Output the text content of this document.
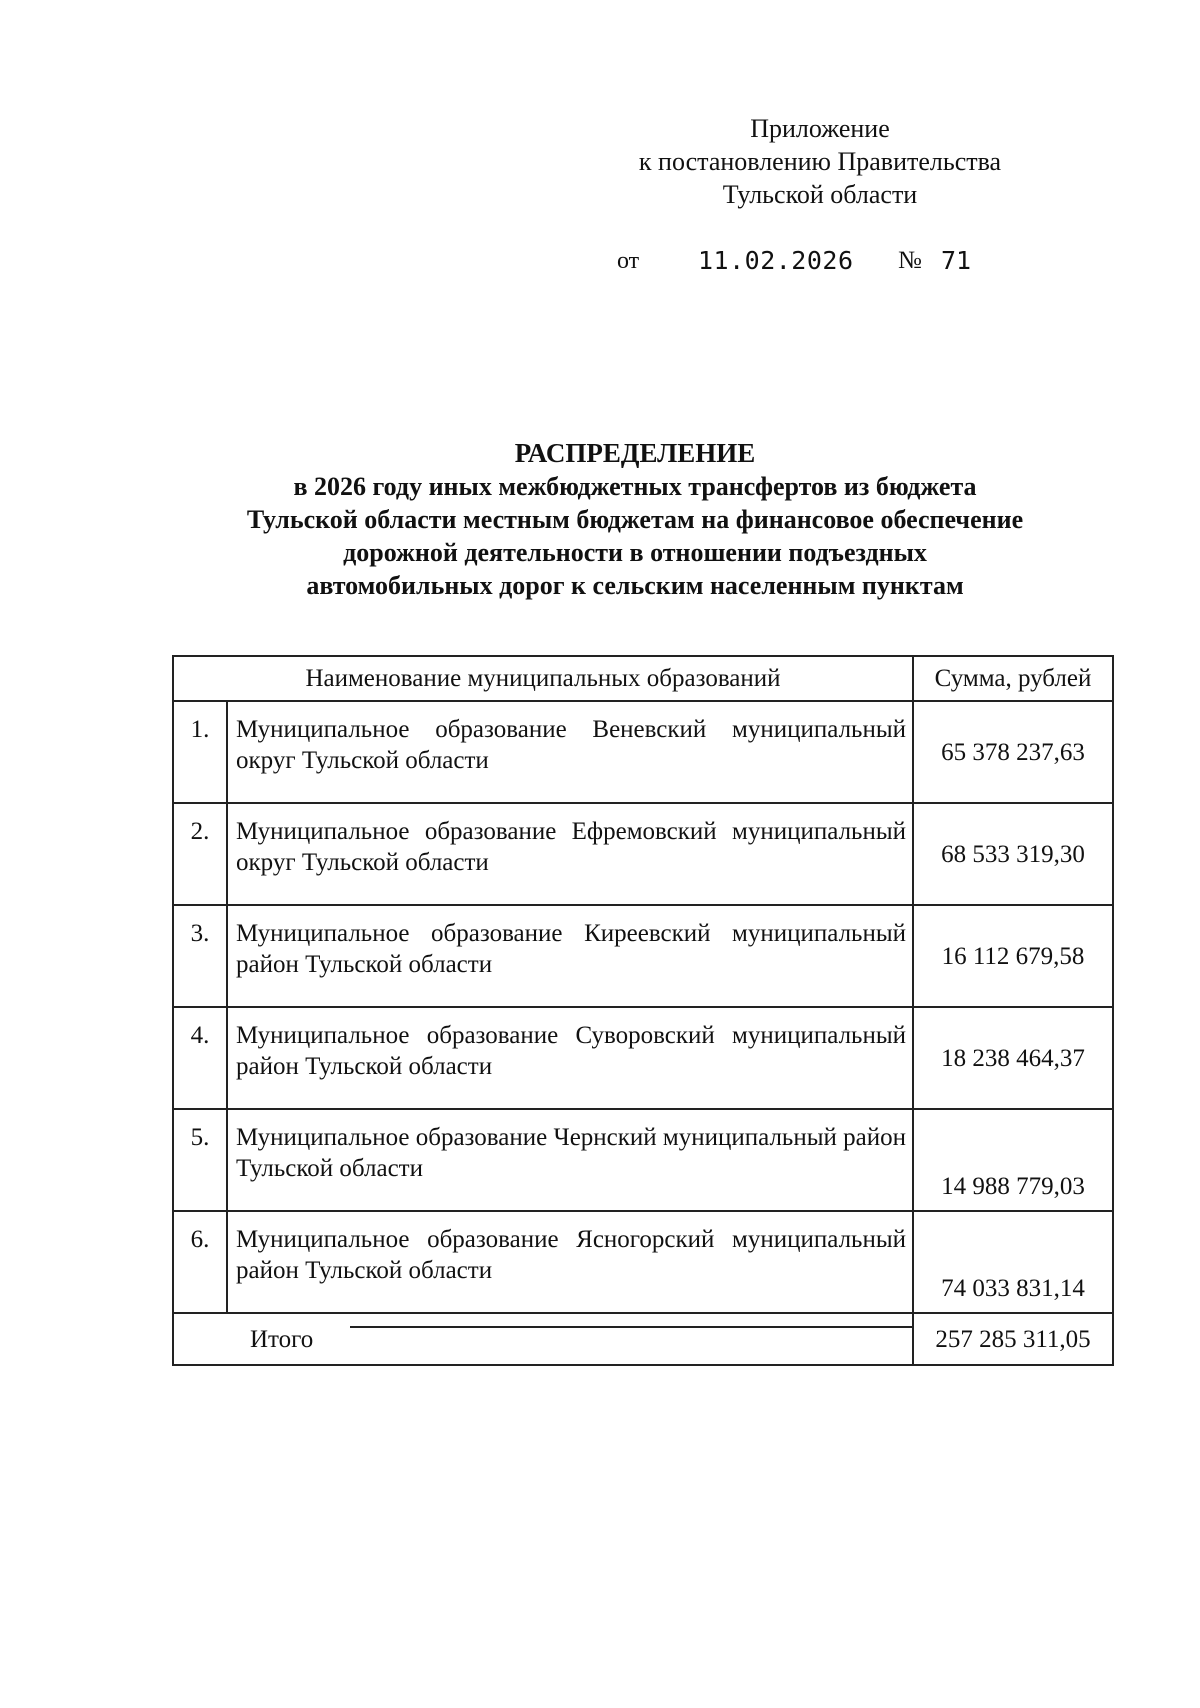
Приложение
к постановлению Правительства
Тульской области
от 11.02.2026 № 71
РАСПРЕДЕЛЕНИЕ
в 2026 году иных межбюджетных трансфертов из бюджета
Тульской области местным бюджетам на финансовое обеспечение
дорожной деятельности в отношении подъездных
автомобильных дорог к сельским населенным пунктам
Наименование муниципальных образований		Сумма, рублей
1.	Муниципальное образование Веневский муниципальный округ Тульской области	65 378 237,63
2.	Муниципальное образование Ефремовский муниципальный округ Тульской области	68 533 319,30
3.	Муниципальное образование Киреевский муниципальный район Тульской области	16 112 679,58
4.	Муниципальное образование Суворовский муниципальный район Тульской области	18 238 464,37
5.	Муниципальное образование Чернский муниципальный район Тульской области	14 988 779,03
6.	Муниципальное образование Ясногорский муниципальный район Тульской области	74 033 831,14
Итого		257 285 311,05
